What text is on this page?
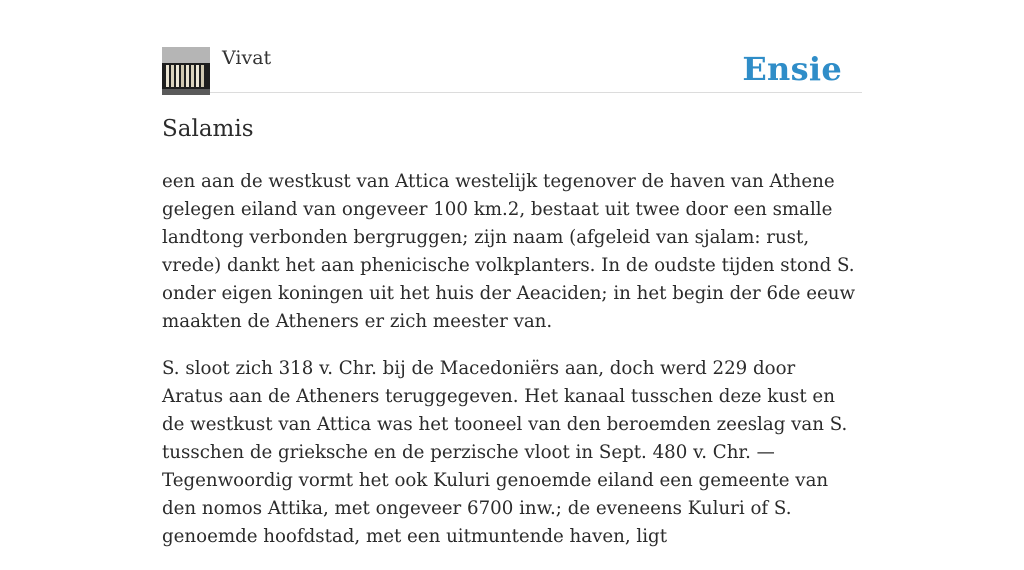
Vivat	Ensie
Salamis

een aan de westkust van Attica westelijk tegenover de haven van Athene gelegen eiland van ongeveer 100 km.2, bestaat uit twee door een smalle landtong verbonden bergruggen; zijn naam (afgeleid van sjalam: rust, vrede) dankt het aan phenicische volkplanters. In de oudste tijden stond S. onder eigen koningen uit het huis der Aeaciden; in het begin der 6de eeuw maakten de Atheners er zich meester van.

S. sloot zich 318 v. Chr. bij de Macedoniërs aan, doch werd 229 door Aratus aan de Atheners teruggegeven. Het kanaal tusschen deze kust en de westkust van Attica was het tooneel van den beroemden zeeslag van S. tusschen de grieksche en de perzische vloot in Sept. 480 v. Chr. — Tegenwoordig vormt het ook Kuluri genoemde eiland een gemeente van den nomos Attika, met ongeveer 6700 inw.; de eveneens Kuluri of S. genoemde hoofdstad, met een uitmuntende haven, ligt
